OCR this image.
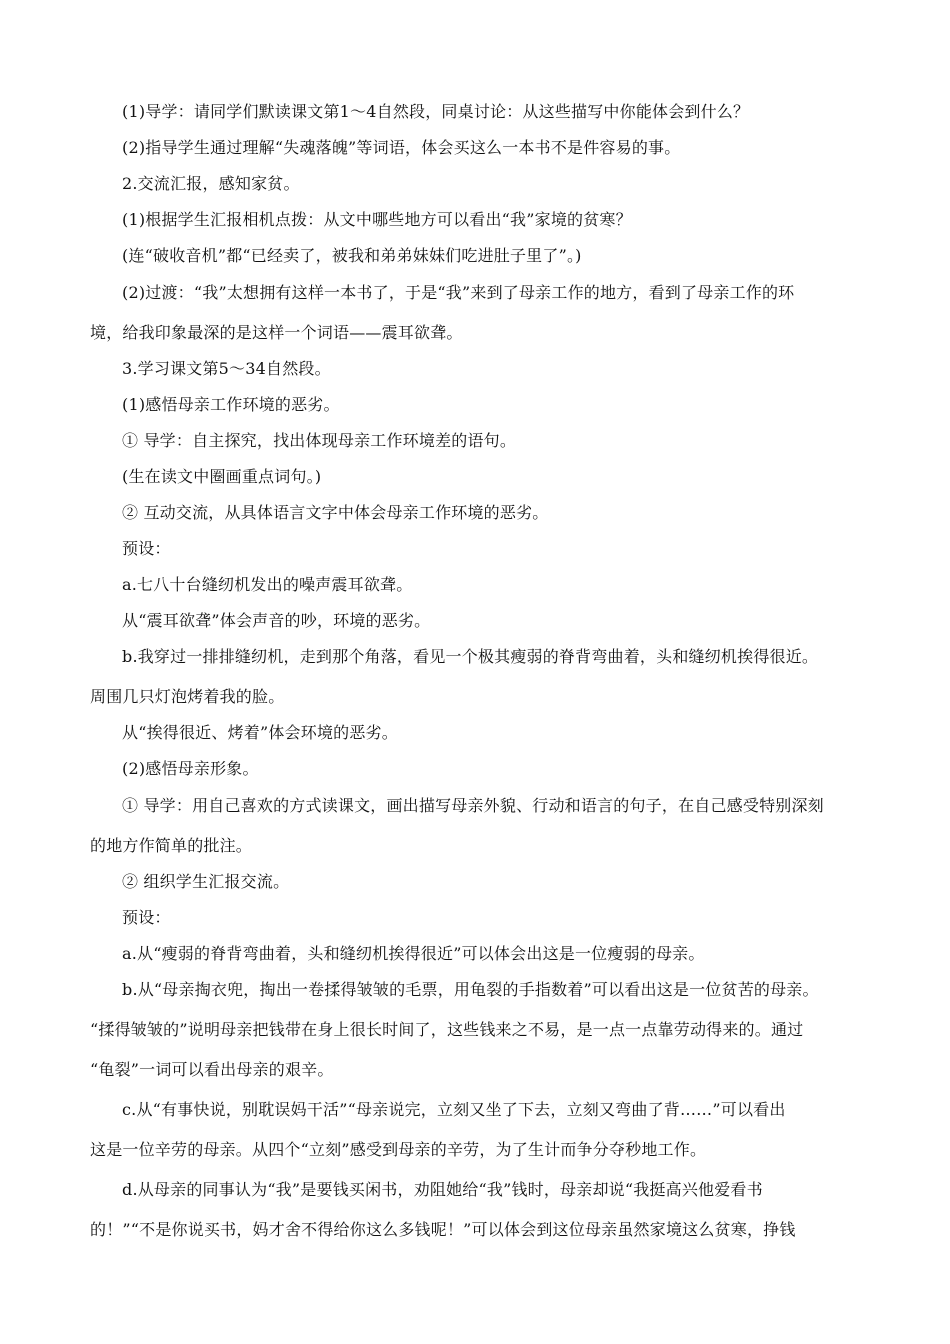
(1)导学：请同学们默读课文第1～4自然段，同桌讨论：从这些描写中你能体会到什么？
(2)指导学生通过理解“失魂落魄”等词语，体会买这么一本书不是件容易的事。
2.交流汇报，感知家贫。
(1)根据学生汇报相机点拨：从文中哪些地方可以看出“我”家境的贫寒？
(连“破收音机”都“已经卖了，被我和弟弟妹妹们吃进肚子里了”。)
(2)过渡：“我”太想拥有这样一本书了，于是“我”来到了母亲工作的地方，看到了母亲工作的环
境，给我印象最深的是这样一个词语——震耳欲聋。
3.学习课文第5～34自然段。
(1)感悟母亲工作环境的恶劣。
① 导学：自主探究，找出体现母亲工作环境差的语句。
(生在读文中圈画重点词句。)
② 互动交流，从具体语言文字中体会母亲工作环境的恶劣。
预设：
a.七八十台缝纫机发出的噪声震耳欲聋。
从“震耳欲聋”体会声音的吵，环境的恶劣。
b.我穿过一排排缝纫机，走到那个角落，看见一个极其瘦弱的脊背弯曲着，头和缝纫机挨得很近。
周围几只灯泡烤着我的脸。
从“挨得很近、烤着”体会环境的恶劣。
(2)感悟母亲形象。
① 导学：用自己喜欢的方式读课文，画出描写母亲外貌、行动和语言的句子，在自己感受特别深刻
的地方作简单的批注。
② 组织学生汇报交流。
预设：
a.从“瘦弱的脊背弯曲着，头和缝纫机挨得很近”可以体会出这是一位瘦弱的母亲。
b.从“母亲掏衣兜，掏出一卷揉得皱皱的毛票，用龟裂的手指数着”可以看出这是一位贫苦的母亲。
“揉得皱皱的”说明母亲把钱带在身上很长时间了，这些钱来之不易，是一点一点靠劳动得来的。通过
“龟裂”一词可以看出母亲的艰辛。
c.从“有事快说，别耽误妈干活”“母亲说完，立刻又坐了下去，立刻又弯曲了背……”可以看出
这是一位辛劳的母亲。从四个“立刻”感受到母亲的辛劳，为了生计而争分夺秒地工作。
d.从母亲的同事认为“我”是要钱买闲书，劝阻她给“我”钱时，母亲却说“我挺高兴他爱看书
的！”“不是你说买书，妈才舍不得给你这么多钱呢！”可以体会到这位母亲虽然家境这么贫寒，挣钱
